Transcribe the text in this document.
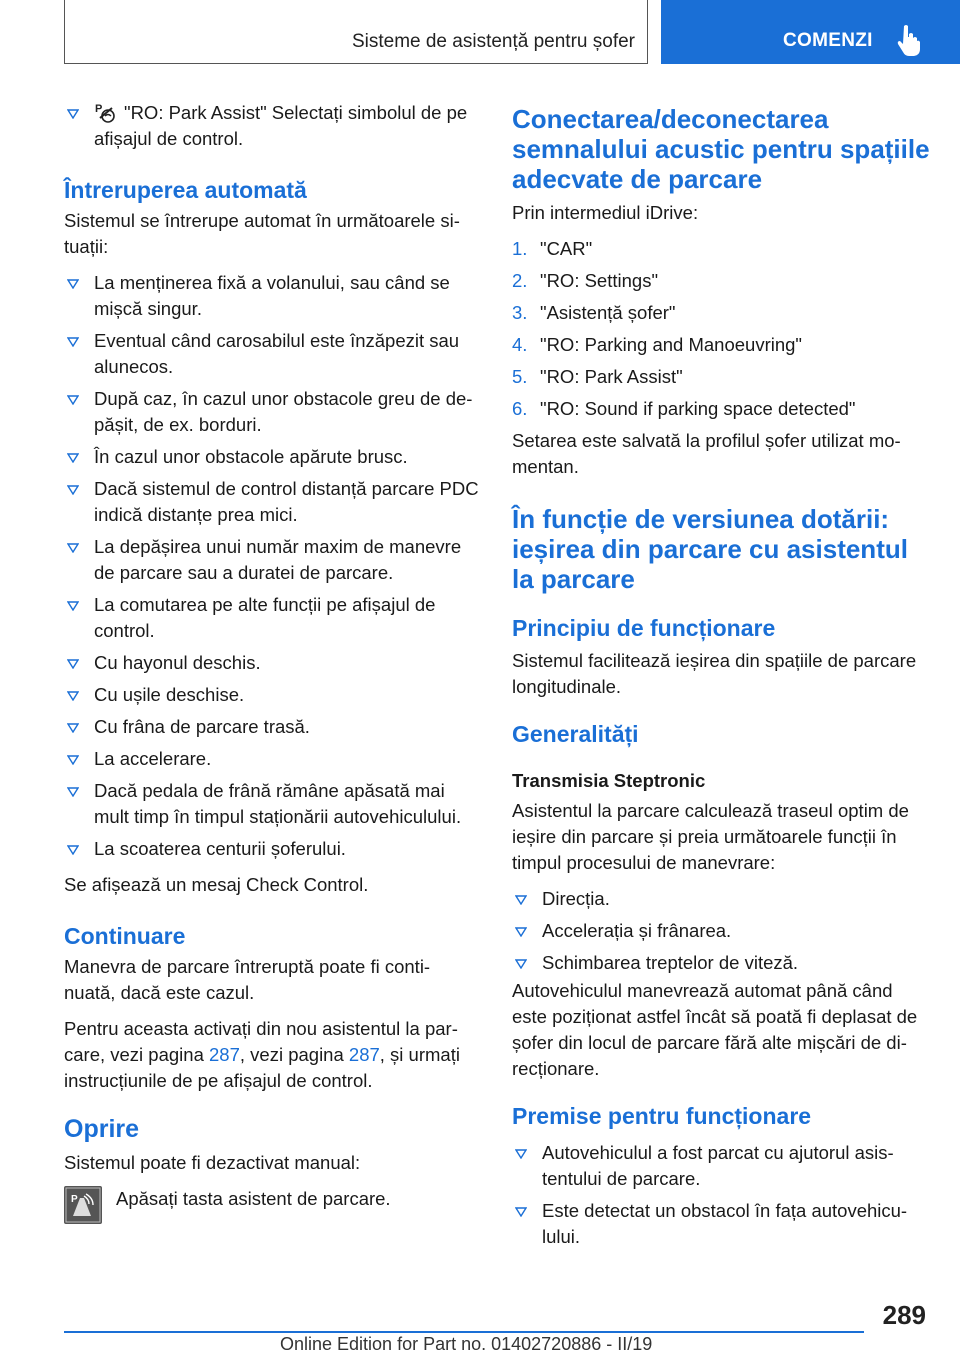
Sisteme de asistență pentru șofer	COMENZI
P "RO: Park Assist" Selectați simbolul de pe afișajul de control.
Întreruperea automată

Sistemul se întrerupe automat în următoarele si-tuații:

La menținerea fixă a volanului, sau când se mișcă singur.
Eventual când carosabilul este înzăpezit sau alunecos.
După caz, în cazul unor obstacole greu de de-pășit, de ex. borduri.
În cazul unor obstacole apărute brusc.
Dacă sistemul de control distanță parcare PDC indică distanțe prea mici.
La depășirea unui număr maxim de manevre de parcare sau a duratei de parcare.
La comutarea pe alte funcții pe afișajul de control.
Cu hayonul deschis.
Cu ușile deschise.
Cu frâna de parcare trasă.
La accelerare.
Dacă pedala de frână rămâne apăsată mai mult timp în timpul staționării autovehiculului.
La scoaterea centurii șoferului.

Se afișează un mesaj Check Control.

Continuare

Manevra de parcare întreruptă poate fi conti-nuată, dacă este cazul.

Pentru aceasta activați din nou asistentul la par-care, vezi pagina 287, vezi pagina 287, și urmați instrucțiunile de pe afișajul de control.

Oprire

Sistemul poate fi dezactivat manual:

P Apăsați tasta asistent de parcare.
Conectarea/deconectarea semnalului acustic pentru spațiile adecvate de parcare

Prin intermediul iDrive:

1. "CAR"
2. "RO: Settings"
3. "Asistență șofer"
4. "RO: Parking and Manoeuvring"
5. "RO: Park Assist"
6. "RO: Sound if parking space detected"

Setarea este salvată la profilul șofer utilizat mo-mentan.

În funcție de versiunea dotării: ieșirea din parcare cu asistentul la parcare
Principiu de funcționare

Sistemul facilitează ieșirea din spațiile de parcare longitudinale.

Generalități
Transmisia Steptronic

Asistentul la parcare calculează traseul optim de ieșire din parcare și preia următoarele funcții în timpul procesului de manevrare:

Direcția.
Accelerația și frânarea.
Schimbarea treptelor de viteză.

Autovehiculul manevrează automat până când este poziționat astfel încât să poată fi deplasat de șofer din locul de parcare fără alte mișcări de di-recționare.

Premise pentru funcționare
Autovehiculul a fost parcat cu ajutorul asis-tentului de parcare.
Este detectat un obstacol în fața autovehicu-lului.
289
Online Edition for Part no. 01402720886 - II/19
